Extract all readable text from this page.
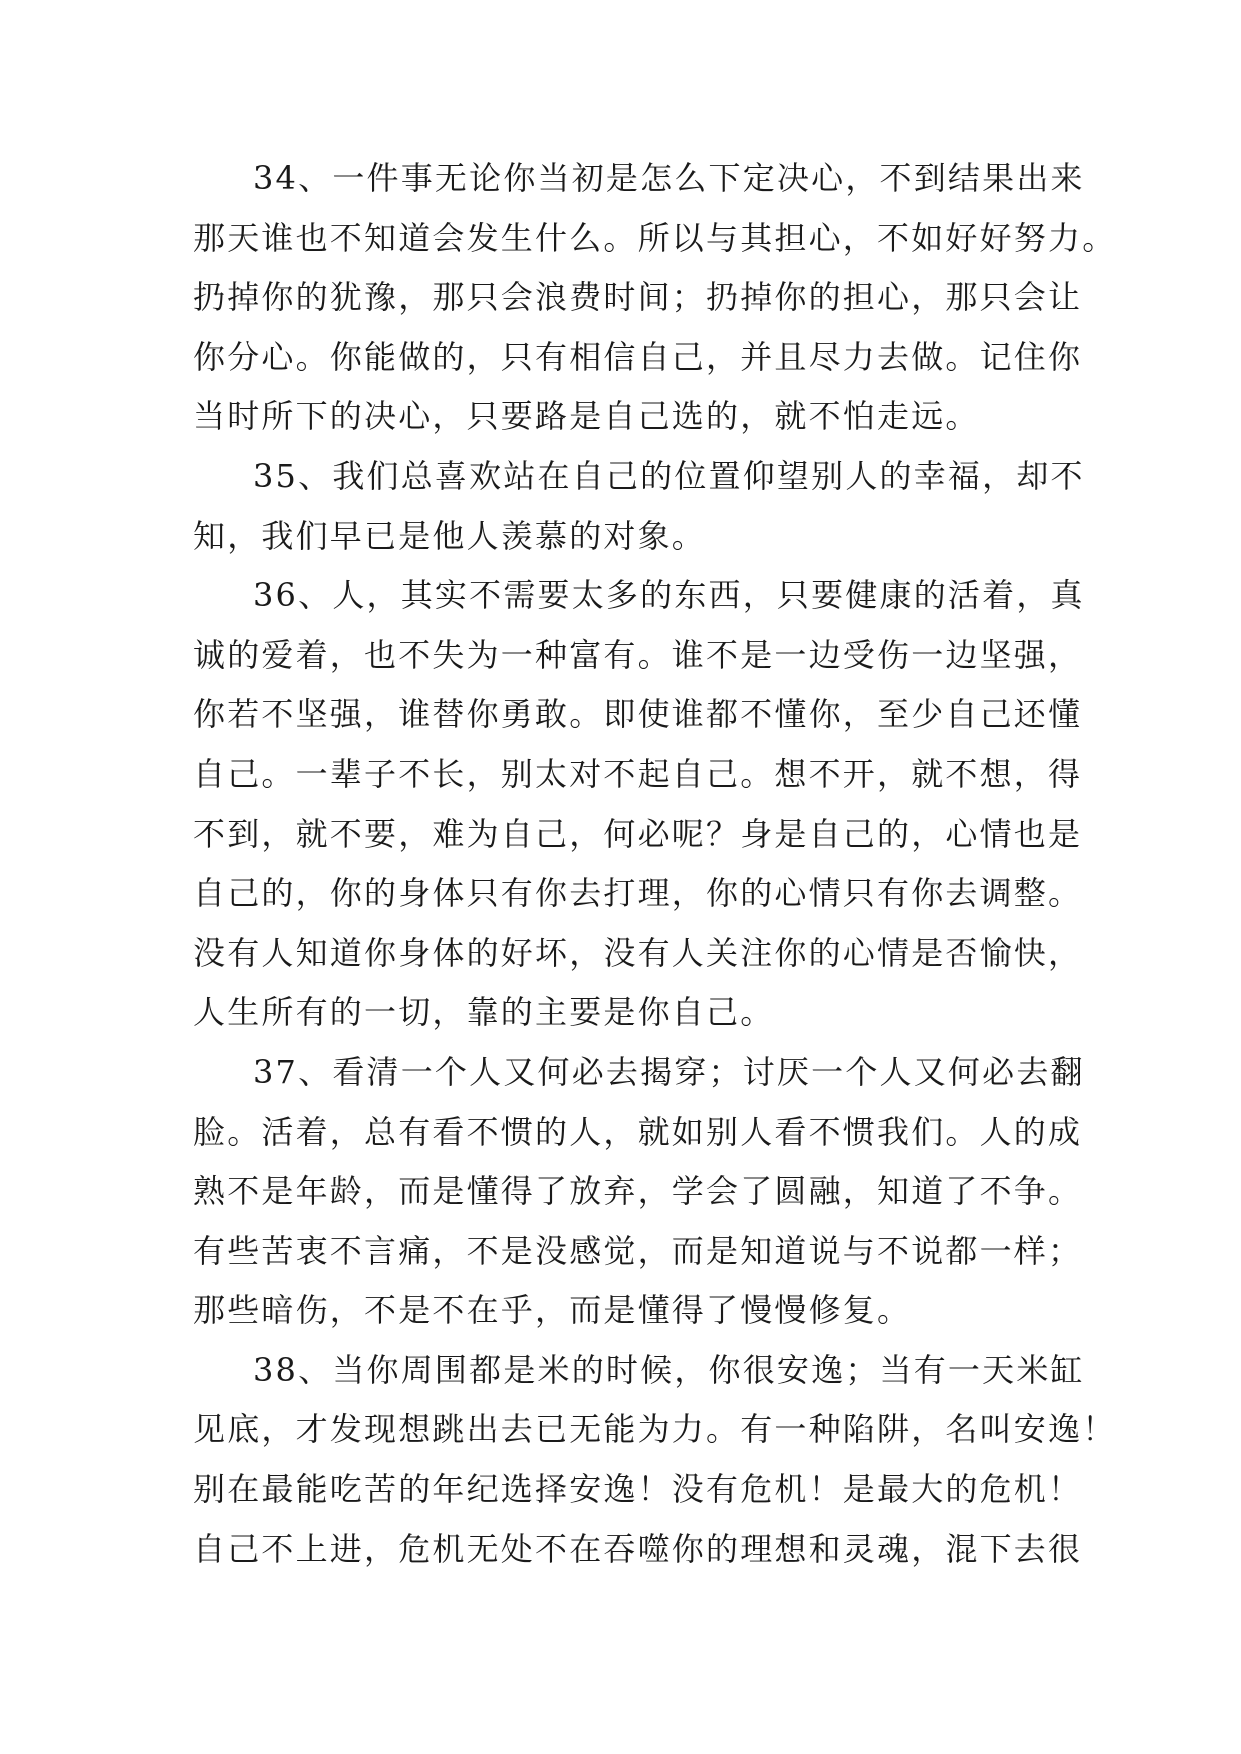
34、一件事无论你当初是怎么下定决心，不到结果出来
那天谁也不知道会发生什么。所以与其担心，不如好好努力。
扔掉你的犹豫，那只会浪费时间；扔掉你的担心，那只会让
你分心。你能做的，只有相信自己，并且尽力去做。记住你
当时所下的决心，只要路是自己选的，就不怕走远。
35、我们总喜欢站在自己的位置仰望别人的幸福，却不
知，我们早已是他人羡慕的对象。
36、人，其实不需要太多的东西，只要健康的活着，真
诚的爱着，也不失为一种富有。谁不是一边受伤一边坚强，
你若不坚强，谁替你勇敢。即使谁都不懂你，至少自己还懂
自己。一辈子不长，别太对不起自己。想不开，就不想，得
不到，就不要，难为自己，何必呢？身是自己的，心情也是
自己的，你的身体只有你去打理，你的心情只有你去调整。
没有人知道你身体的好坏，没有人关注你的心情是否愉快，
人生所有的一切，靠的主要是你自己。
37、看清一个人又何必去揭穿；讨厌一个人又何必去翻
脸。活着，总有看不惯的人，就如别人看不惯我们。人的成
熟不是年龄，而是懂得了放弃，学会了圆融，知道了不争。
有些苦衷不言痛，不是没感觉，而是知道说与不说都一样；
那些暗伤，不是不在乎，而是懂得了慢慢修复。
38、当你周围都是米的时候，你很安逸；当有一天米缸
见底，才发现想跳出去已无能为力。有一种陷阱，名叫安逸！
别在最能吃苦的年纪选择安逸！没有危机！是最大的危机！
自己不上进，危机无处不在吞噬你的理想和灵魂，混下去很
